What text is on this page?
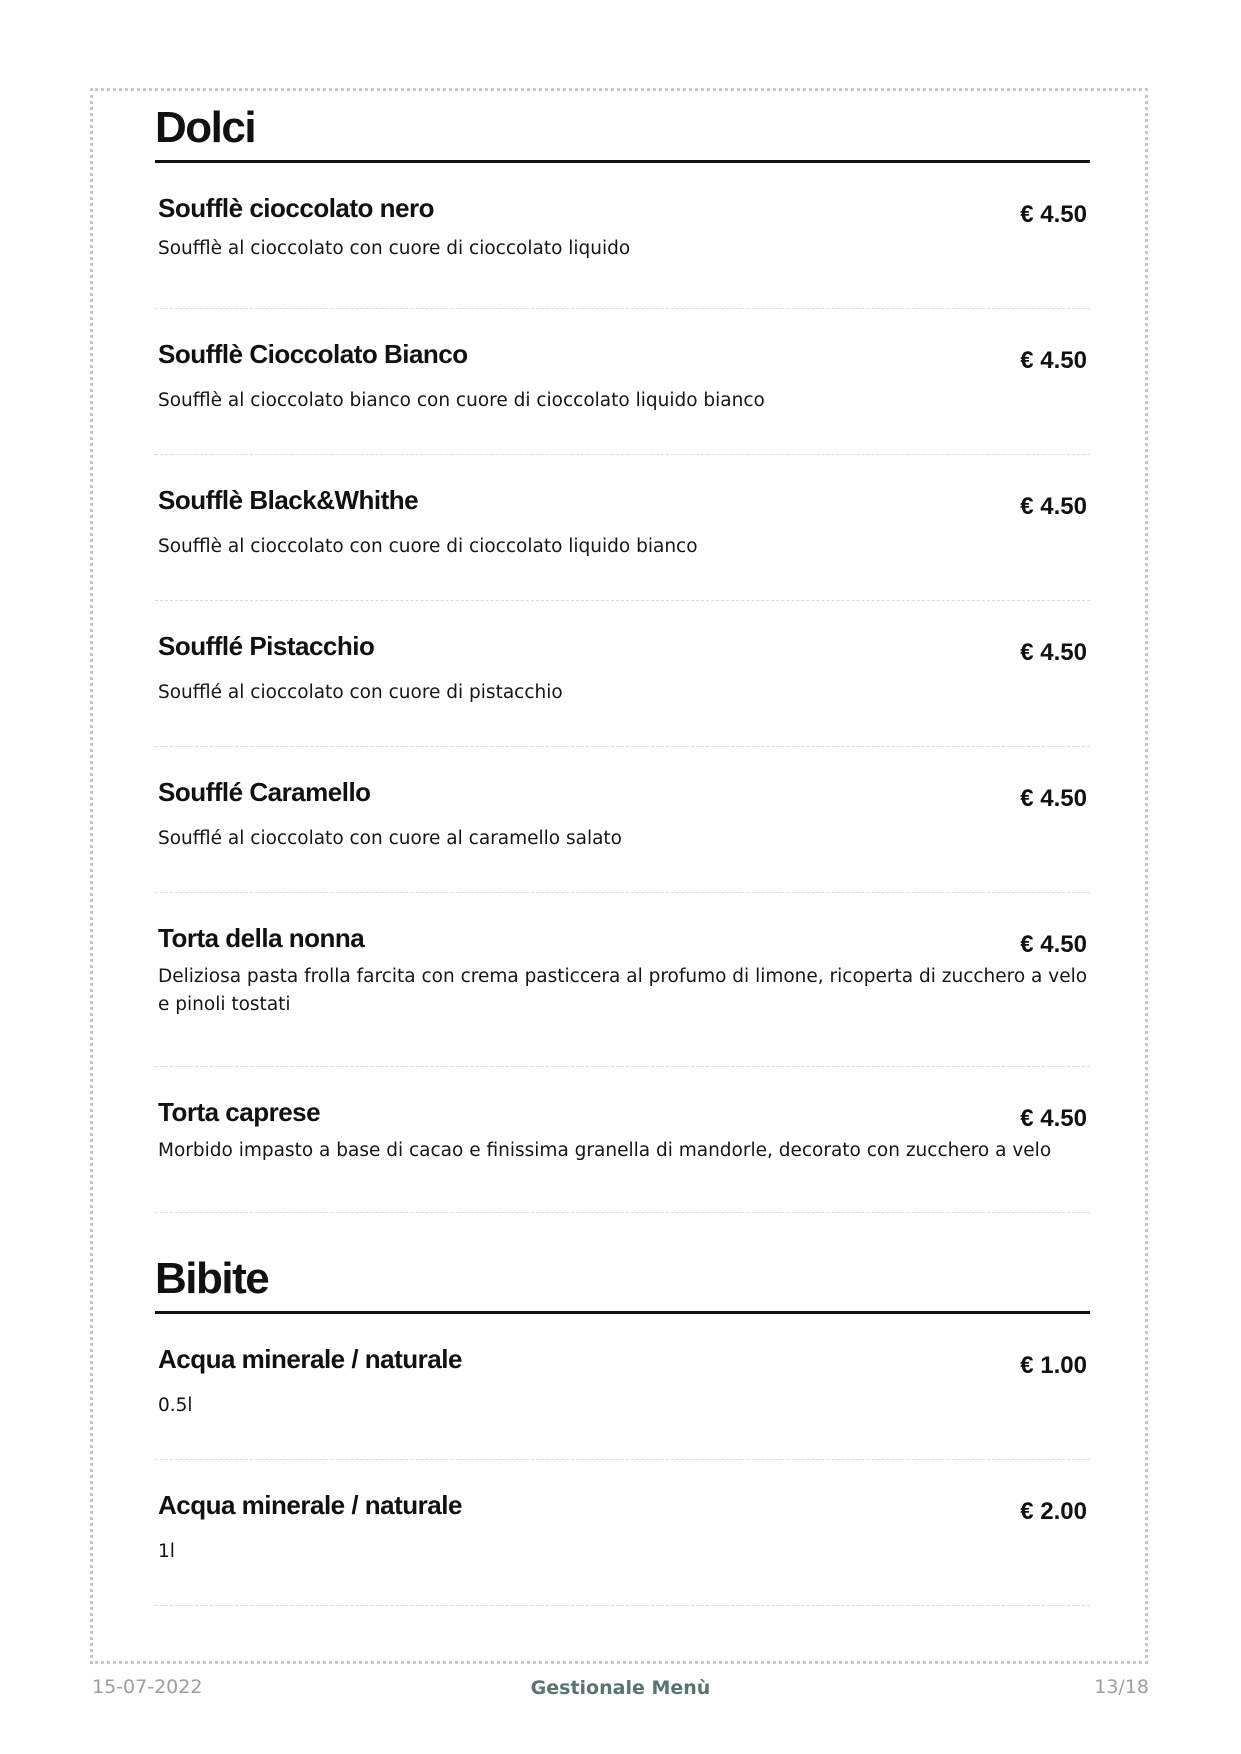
Dolci
Soufflè cioccolato nero	€ 4.50
Soufflè al cioccolato con cuore di cioccolato liquido
Soufflè Cioccolato Bianco	€ 4.50
Soufflè al cioccolato bianco con cuore di cioccolato liquido bianco
Soufflè Black&Whithe	€ 4.50
Soufflè al cioccolato con cuore di cioccolato liquido bianco
Soufflé Pistacchio	€ 4.50
Soufflé al cioccolato con cuore di pistacchio
Soufflé Caramello	€ 4.50
Soufflé al cioccolato con cuore al caramello salato
Torta della nonna	€ 4.50
Deliziosa pasta frolla farcita con crema pasticcera al profumo di limone, ricoperta di zucchero a velo e pinoli tostati
Torta caprese	€ 4.50
Morbido impasto a base di cacao e finissima granella di mandorle, decorato con zucchero a velo
Bibite
Acqua minerale / naturale	€ 1.00
0.5l
Acqua minerale / naturale	€ 2.00
1l
15-07-2022	Gestionale Menù	13/18
